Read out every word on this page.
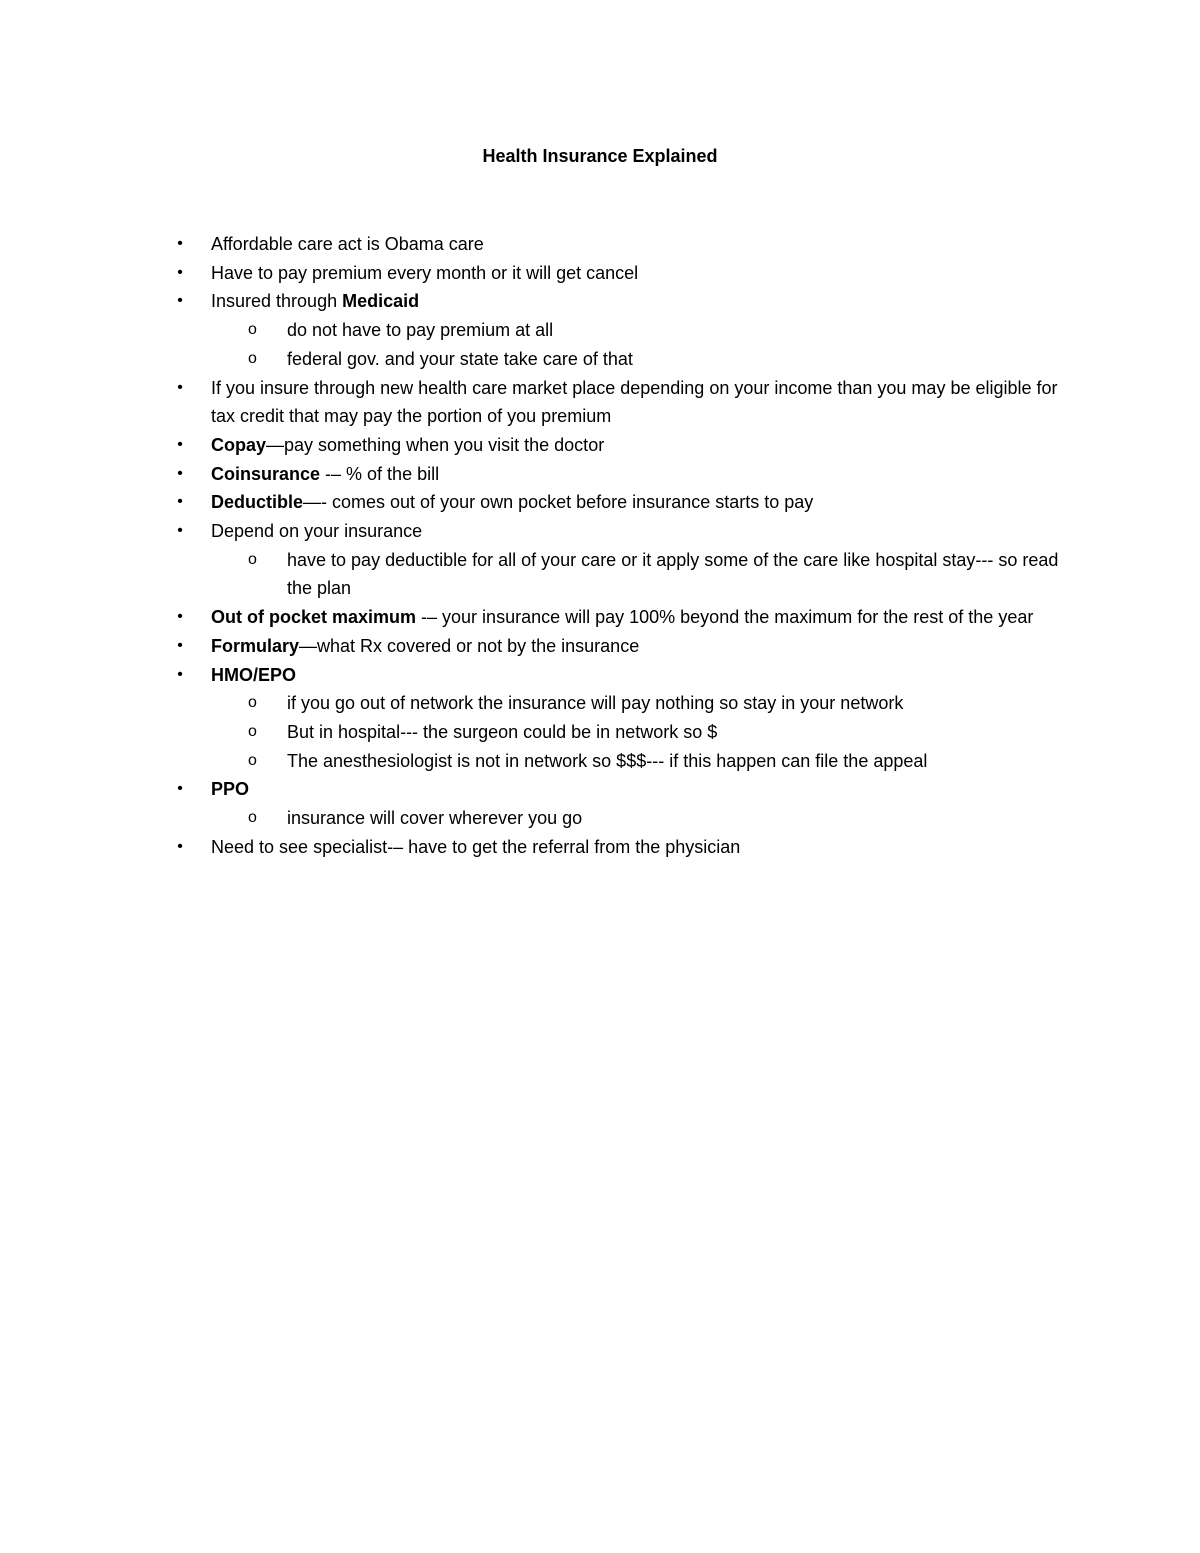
Health Insurance Explained
• Affordable care act is Obama care
• Have to pay premium every month or it will get cancel
• Insured through Medicaid
o do not have to pay premium at all
o federal gov. and your state take care of that
• If you insure through new health care market place depending on your income than you may be eligible for tax credit that may pay the portion of you premium
• Copay—pay something when you visit the doctor
• Coinsurance -– % of the bill
• Deductible—- comes out of your own pocket before insurance starts to pay
• Depend on your insurance
o have to pay deductible for all of your care or it apply some of the care like hospital stay--- so read the plan
• Out of pocket maximum -– your insurance will pay 100% beyond the maximum for the rest of the year
• Formulary—what Rx covered or not by the insurance
• HMO/EPO
o if you go out of network the insurance will pay nothing so stay in your network
o But in hospital--- the surgeon could be in network so $
o The anesthesiologist is not in network so $$$--- if this happen can file the appeal
• PPO
o insurance will cover wherever you go
• Need to see specialist-– have to get the referral from the physician
